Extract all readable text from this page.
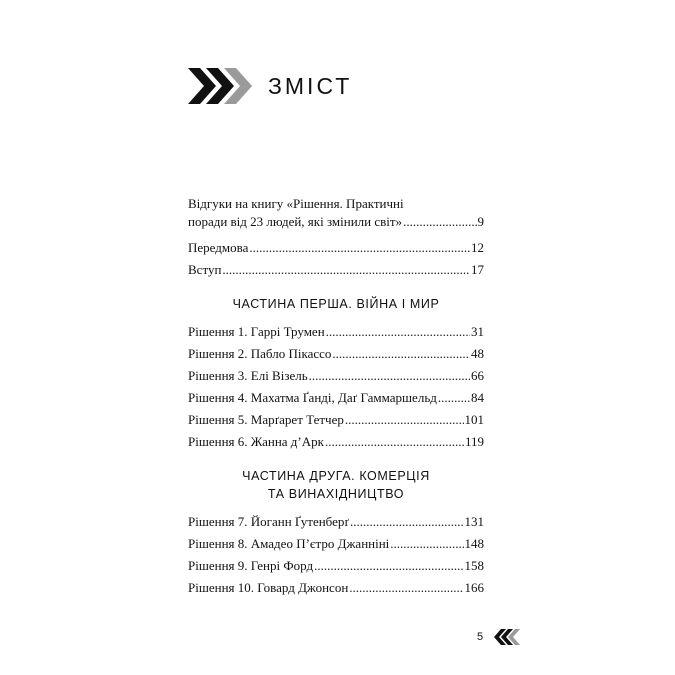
ЗМІСТ
Відгуки на книгу «Рішення. Практичні
поради від 23 людей, які змінили світ» .....	9
Передмова .....	12
Вступ .....	17
ЧАСТИНА ПЕРША. ВІЙНА І МИР
Рішення 1. Гаррі Трумен .....	31
Рішення 2. Пабло Пікассо .....	48
Рішення 3. Елі Візель .....	66
Рішення 4. Махатма Ґанді, Даґ Гаммаршельд .....	84
Рішення 5. Марґарет Тетчер .....	101
Рішення 6. Жанна д’Арк .....	119
ЧАСТИНА ДРУГА. КОМЕРЦІЯ
ТА ВИНАХІДНИЦТВО
Рішення 7. Йоганн Ґутенберґ .....	131
Рішення 8. Амадео П’єтро Джанніні .....	148
Рішення 9. Генрі Форд .....	158
Рішення 10. Говард Джонсон .....	166
5
